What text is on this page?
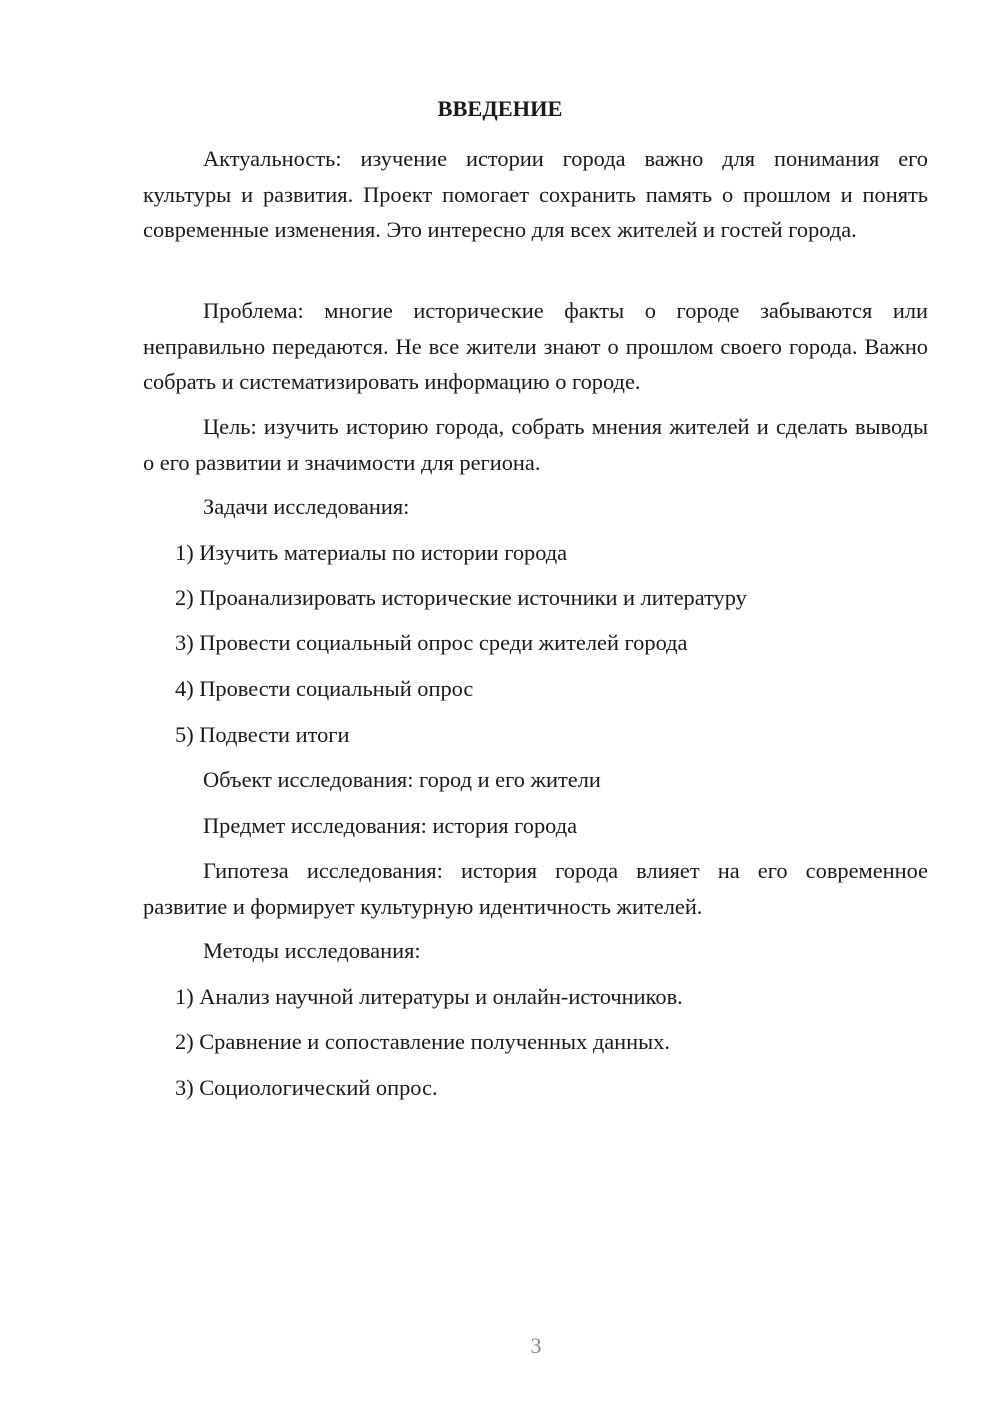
ВВЕДЕНИЕ

Актуальность: изучение истории города важно для понимания его культуры и развития. Проект помогает сохранить память о прошлом и понять современные изменения. Это интересно для всех жителей и гостей города.

Проблема: многие исторические факты о городе забываются или неправильно передаются. Не все жители знают о прошлом своего города. Важно собрать и систематизировать информацию о городе.

Цель: изучить историю города, собрать мнения жителей и сделать выводы о его развитии и значимости для региона.

Задачи исследования:

1) Изучить материалы по истории города

2) Проанализировать исторические источники и литературу

3) Провести социальный опрос среди жителей города

4) Провести социальный опрос

5) Подвести итоги

Объект исследования: город и его жители

Предмет исследования: история города

Гипотеза исследования: история города влияет на его современное развитие и формирует культурную идентичность жителей.

Методы исследования:

1) Анализ научной литературы и онлайн-источников.

2) Сравнение и сопоставление полученных данных.

3) Социологический опрос.

3
